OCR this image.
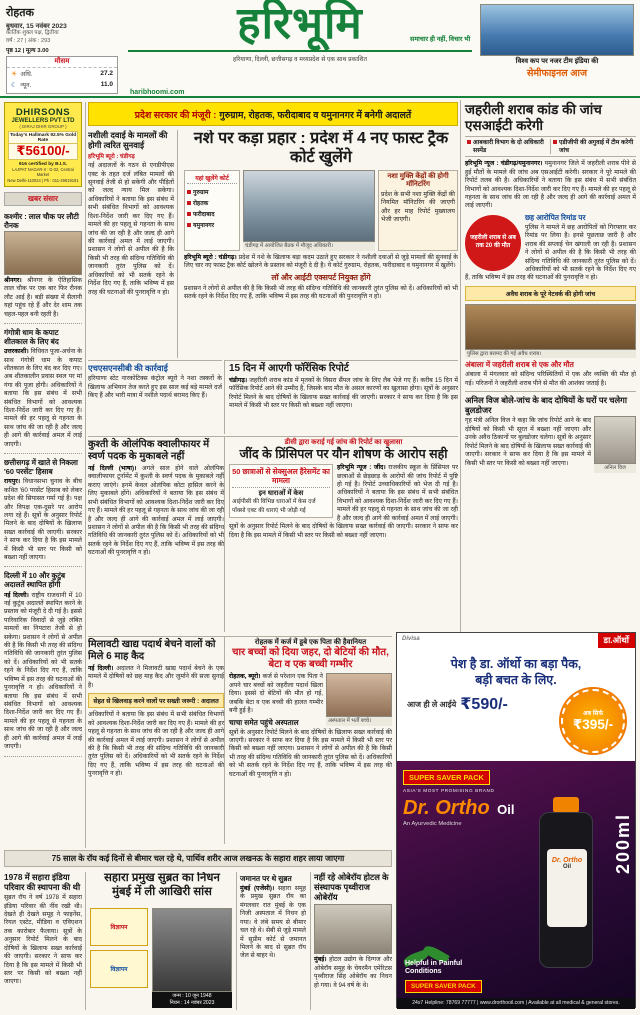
रोहतक
बुधवार, 15 नवंबर 2023
कार्तिक शुक्ल पक्ष, द्वितीया
वर्ष : 27 | अंक : 293
पृष्ठ 12 | मूल्य 3.00
मौसम
☀ अधि.	27.2
☾ न्यून.	11.0
हरिभूमि	समाचार ही नहीं, विचार भी
हरियाणा, दिल्ली, छत्तीसगढ़ व मध्यप्रदेश से एक साथ प्रकाशित
haribhoomi.com
विश्व कप पर नजर टीम इंडिया की
सेमीफाइनल आज
प्रदेश सरकार की मंजूरी : गुरुग्राम, रोहतक, फरीदाबाद व यमुनानगर में बनेगी अदालतें
DHIRSONS
JEWELLERS PVT LTD
( DIRAJ DHIR GROUP )
Today's Hallmark 92.5% Gold Rate
₹56100/-
916 certified by B.I.S.
LAJPAT NAGAR-II : D-32, Central Market
New Delhi-110024 | Ph : 011-29819191
खबर संसार
कश्मीर : लाल चौक पर लौटी रौनक

श्रीनगर। श्रीनगर के ऐतिहासिक लाल चौक पर एक बार फिर रौनक लौट आई है। बड़ी संख्या में सैलानी यहां पहुंच रहे हैं और देर शाम तक चहल-पहल बनी रहती है।

गंगोत्री धाम के कपाट शीतकाल के लिए बंद

उत्तरकाशी। विधिवत पूजा-अर्चना के साथ गंगोत्री धाम के कपाट शीतकाल के लिए बंद कर दिए गए। अब शीतकालीन प्रवास स्थल पर मां गंगा की पूजा होगी। अधिकारियों ने बताया कि इस संबंध में सभी संबंधित विभागों को आवश्यक दिशा-निर्देश जारी कर दिए गए हैं। मामले की हर पहलू से गहनता के साथ जांच की जा रही है और जल्द ही आगे की कार्रवाई अमल में लाई जाएगी।

छत्तीसगढ़ में खाते से निकला '60 परसेंट' हिसाब

रायपुर। विधानसभा चुनाव के बीच कथित '60 परसेंट' हिसाब को लेकर प्रदेश की सियासत गर्मा गई है। पक्ष और विपक्ष एक-दूसरे पर आरोप लगा रहे हैं। सूत्रों के अनुसार रिपोर्ट मिलने के बाद दोषियों के खिलाफ सख्त कार्रवाई की जाएगी। सरकार ने साफ कर दिया है कि इस मामले में किसी भी स्तर पर किसी को बख्शा नहीं जाएगा।

दिल्ली में 10 और कुटुंब अदालतें स्थापित होंगी

नई दिल्ली। राष्ट्रीय राजधानी में 10 नई कुटुंब अदालतें स्थापित करने के प्रस्ताव को मंजूरी दे दी गई है। इससे पारिवारिक विवादों से जुड़े लंबित मामलों का निपटारा तेजी से हो सकेगा। प्रशासन ने लोगों से अपील की है कि किसी भी तरह की संदिग्ध गतिविधि की जानकारी तुरंत पुलिस को दें। अधिकारियों को भी सतर्क रहने के निर्देश दिए गए हैं, ताकि भविष्य में इस तरह की घटनाओं की पुनरावृत्ति न हो। अधिकारियों ने बताया कि इस संबंध में सभी संबंधित विभागों को आवश्यक दिशा-निर्देश जारी कर दिए गए हैं। मामले की हर पहलू से गहनता के साथ जांच की जा रही है और जल्द ही आगे की कार्रवाई अमल में लाई जाएगी।

जहरीली शराब कांड की जांच एसआईटी करेगी
आबकारी विभाग के दो अधिकारी सस्पेंड
एडीजीपी की अगुवाई में टीम करेगी जांच

हरिभूमि न्यूज : चंडीगढ़/यमुनानगर। यमुनानगर जिले में जहरीली शराब पीने से हुई मौतों के मामले की जांच अब एसआईटी करेगी। सरकार ने पूरे मामले की रिपोर्ट तलब की है। अधिकारियों ने बताया कि इस संबंध में सभी संबंधित विभागों को आवश्यक दिशा-निर्देश जारी कर दिए गए हैं। मामले की हर पहलू से गहनता के साथ जांच की जा रही है और जल्द ही आगे की कार्रवाई अमल में लाई जाएगी।

जहरीली शराब से अब तक 20 की मौत
छह आरोपित रिमांड पर

पुलिस ने मामले में छह आरोपितों को गिरफ्तार कर रिमांड पर लिया है। इनसे पूछताछ जारी है और शराब की सप्लाई चेन खंगाली जा रही है। प्रशासन ने लोगों से अपील की है कि किसी भी तरह की संदिग्ध गतिविधि की जानकारी तुरंत पुलिस को दें। अधिकारियों को भी सतर्क रहने के निर्देश दिए गए हैं, ताकि भविष्य में इस तरह की घटनाओं की पुनरावृत्ति न हो।

अवैध शराब के पूरे नेटवर्क की होगी जांच
पुलिस द्वारा बरामद की गई अवैध शराब।
अंबाला में जहरीली शराब से एक और मौत

अंबाला में मंगलवार को संदिग्ध परिस्थितियों में एक और व्यक्ति की मौत हो गई। परिजनों ने जहरीली शराब पीने से मौत की आशंका जताई है।

अनिल विज बोले-जांच के बाद दोषियों के घरों पर चलेगा बुलडोजर
अनिल विज

गृह मंत्री अनिल विज ने कहा कि जांच रिपोर्ट आने के बाद दोषियों को किसी भी सूरत में बख्शा नहीं जाएगा और उनके अवैध ठिकानों पर बुलडोजर चलेगा। सूत्रों के अनुसार रिपोर्ट मिलने के बाद दोषियों के खिलाफ सख्त कार्रवाई की जाएगी। सरकार ने साफ कर दिया है कि इस मामले में किसी भी स्तर पर किसी को बख्शा नहीं जाएगा।

नशीली दवाई के मामलों की होगी त्वरित सुनवाई
हरिभूमि ब्यूरो : चंडीगढ़

नई अदालतों के गठन से एनडीपीएस एक्ट के तहत दर्ज लंबित मामलों की सुनवाई तेजी से हो सकेगी और पीड़ितों को जल्द न्याय मिल सकेगा। अधिकारियों ने बताया कि इस संबंध में सभी संबंधित विभागों को आवश्यक दिशा-निर्देश जारी कर दिए गए हैं। मामले की हर पहलू से गहनता के साथ जांच की जा रही है और जल्द ही आगे की कार्रवाई अमल में लाई जाएगी। प्रशासन ने लोगों से अपील की है कि किसी भी तरह की संदिग्ध गतिविधि की जानकारी तुरंत पुलिस को दें। अधिकारियों को भी सतर्क रहने के निर्देश दिए गए हैं, ताकि भविष्य में इस तरह की घटनाओं की पुनरावृत्ति न हो।

नशे पर कड़ा प्रहार : प्रदेश में 4 नए फास्ट ट्रैक कोर्ट खुलेंगे
यहां खुलेंगे कोर्ट
गुरुग्राम
रोहतक
फरीदाबाद
यमुनानगर
चंडीगढ़ में आयोजित बैठक में मौजूद अधिकारी।
नशा मुक्ति केंद्रों की होगी मॉनिटरिंग

प्रदेश के सभी नशा मुक्ति केंद्रों की नियमित मॉनिटरिंग की जाएगी और हर माह रिपोर्ट मुख्यालय भेजी जाएगी।

हरिभूमि ब्यूरो : चंडीगढ़। प्रदेश में नशे के खिलाफ बड़ा कदम उठाते हुए सरकार ने नशीली दवाओं से जुड़े मामलों की सुनवाई के लिए चार नए फास्ट ट्रैक कोर्ट खोलने के प्रस्ताव को मंजूरी दे दी है। ये कोर्ट गुरुग्राम, रोहतक, फरीदाबाद व यमुनानगर में खुलेंगे।

लॉ और आईटी एक्सपर्ट नियुक्त होंगे

प्रशासन ने लोगों से अपील की है कि किसी भी तरह की संदिग्ध गतिविधि की जानकारी तुरंत पुलिस को दें। अधिकारियों को भी सतर्क रहने के निर्देश दिए गए हैं, ताकि भविष्य में इस तरह की घटनाओं की पुनरावृत्ति न हो।

एचएसएनसीबी की कार्रवाई

हरियाणा स्टेट नारकोटिक्स कंट्रोल ब्यूरो ने नशा तस्करों के खिलाफ अभियान तेज करते हुए इस साल कई बड़े मामले दर्ज किए हैं और भारी मात्रा में नशीले पदार्थ बरामद किए हैं।

15 दिन में आएगी फॉरेंसिक रिपोर्ट

चंडीगढ़। जहरीली शराब कांड में मृतकों के विसरा सैंपल जांच के लिए लैब भेजे गए हैं। करीब 15 दिन में फॉरेंसिक रिपोर्ट आने की उम्मीद है, जिसके बाद मौत के असल कारणों का खुलासा होगा। सूत्रों के अनुसार रिपोर्ट मिलने के बाद दोषियों के खिलाफ सख्त कार्रवाई की जाएगी। सरकार ने साफ कर दिया है कि इस मामले में किसी भी स्तर पर किसी को बख्शा नहीं जाएगा।

कुश्ती के ओलंपिक क्वालीफायर में स्वर्ण पदक के मुकाबले नहीं

नई दिल्ली (भाषा)। अगले साल होने वाले ओलंपिक क्वालीफायर टूर्नामेंट में कुश्ती के स्वर्ण पदक के मुकाबले नहीं कराए जाएंगे। इनमें केवल ओलंपिक कोटा हासिल करने के लिए मुकाबले होंगे। अधिकारियों ने बताया कि इस संबंध में सभी संबंधित विभागों को आवश्यक दिशा-निर्देश जारी कर दिए गए हैं। मामले की हर पहलू से गहनता के साथ जांच की जा रही है और जल्द ही आगे की कार्रवाई अमल में लाई जाएगी। प्रशासन ने लोगों से अपील की है कि किसी भी तरह की संदिग्ध गतिविधि की जानकारी तुरंत पुलिस को दें। अधिकारियों को भी सतर्क रहने के निर्देश दिए गए हैं, ताकि भविष्य में इस तरह की घटनाओं की पुनरावृत्ति न हो।

डीसी द्वारा कराई गई जांच की रिपोर्ट का खुलासा
जींद के प्रिंसिपल पर यौन शोषण के आरोप सही
50 छात्राओं से सेक्सुअल हैरेसमेंट का मामला
इन धाराओं में केस
आईपीसी की विभिन्न धाराओं में केस दर्ज
पॉक्सो एक्ट की धाराएं भी जोड़ी गईं

हरिभूमि न्यूज : जींद। राजकीय स्कूल के प्रिंसिपल पर छात्राओं से छेड़छाड़ के आरोपों की जांच रिपोर्ट में पुष्टि हो गई है। रिपोर्ट उच्चाधिकारियों को भेज दी गई है। अधिकारियों ने बताया कि इस संबंध में सभी संबंधित विभागों को आवश्यक दिशा-निर्देश जारी कर दिए गए हैं। मामले की हर पहलू से गहनता के साथ जांच की जा रही है और जल्द ही आगे की कार्रवाई अमल में लाई जाएगी। सूत्रों के अनुसार रिपोर्ट मिलने के बाद दोषियों के खिलाफ सख्त कार्रवाई की जाएगी। सरकार ने साफ कर दिया है कि इस मामले में किसी भी स्तर पर किसी को बख्शा नहीं जाएगा।

मिलावटी खाद्य पदार्थ बेचने वालों को मिले 6 माह कैद

नई दिल्ली। अदालत ने मिलावटी खाद्य पदार्थ बेचने के एक मामले में दोषियों को छह माह कैद और जुर्माने की सजा सुनाई है।

सेहत से खिलवाड़ करने वालों पर सख्ती जरूरी : अदालत

अधिकारियों ने बताया कि इस संबंध में सभी संबंधित विभागों को आवश्यक दिशा-निर्देश जारी कर दिए गए हैं। मामले की हर पहलू से गहनता के साथ जांच की जा रही है और जल्द ही आगे की कार्रवाई अमल में लाई जाएगी। प्रशासन ने लोगों से अपील की है कि किसी भी तरह की संदिग्ध गतिविधि की जानकारी तुरंत पुलिस को दें। अधिकारियों को भी सतर्क रहने के निर्देश दिए गए हैं, ताकि भविष्य में इस तरह की घटनाओं की पुनरावृत्ति न हो।

रोहतक में कर्ज में डूबे एक पिता की हैवानियत
चार बच्चों को दिया जहर, दो बेटियों की मौत, बेटा व एक बच्ची गम्भीर
अस्पताल में भर्ती बच्चे।

रोहतक, ब्यूरो। कर्ज से परेशान एक पिता ने अपने चार बच्चों को जहरीला पदार्थ खिला दिया। इससे दो बेटियों की मौत हो गई, जबकि बेटा व एक बच्ची की हालत गम्भीर बनी हुई है।

चाचा समेत पहुंचे अस्पताल

सूत्रों के अनुसार रिपोर्ट मिलने के बाद दोषियों के खिलाफ सख्त कार्रवाई की जाएगी। सरकार ने साफ कर दिया है कि इस मामले में किसी भी स्तर पर किसी को बख्शा नहीं जाएगा। प्रशासन ने लोगों से अपील की है कि किसी भी तरह की संदिग्ध गतिविधि की जानकारी तुरंत पुलिस को दें। अधिकारियों को भी सतर्क रहने के निर्देश दिए गए हैं, ताकि भविष्य में इस तरह की घटनाओं की पुनरावृत्ति न हो।

Divisa	डा.ऑर्थो
पेश है डा. ऑर्थो का बड़ा पैक,
बड़ी बचत के लिए.
आज ही ले आईये ₹590/-
अब सिर्फ
₹395/-
SUPER SAVER PACK
ASIA'S MOST PROMISING BRAND
Dr. Ortho Oil
An Ayurvedic Medicine
Dr. Ortho
Oil	200ml
Helpful in Painful Conditions
SUPER SAVER PACK
24x7 Helpline: 78769 77777 | www.drorthooil.com | Available at all medical & general stores.
75 साल के रॉय कई दिनों से बीमार चल रहे थे, पार्थिव शरीर आज लखनऊ के सहारा शहर लाया जाएगा
1978 में सहारा इंडिया परिवार की स्थापना की थी

सुब्रत रॉय ने वर्ष 1978 में सहारा इंडिया परिवार की नींव रखी थी। देखते ही देखते समूह ने फाइनेंस, रियल एस्टेट, मीडिया व एविएशन तक कारोबार फैलाया। सूत्रों के अनुसार रिपोर्ट मिलने के बाद दोषियों के खिलाफ सख्त कार्रवाई की जाएगी। सरकार ने साफ कर दिया है कि इस मामले में किसी भी स्तर पर किसी को बख्शा नहीं जाएगा।

सहारा प्रमुख सुब्रत का निधन
मुंबई में ली आखिरी सांस
विज्ञापन
विज्ञापन
जन्म : 10 जून 1948
निधन : 14 नवंबर 2023
जमानत पर थे सुब्रत

मुंबई (एजेंसी)। सहारा समूह के प्रमुख सुब्रत रॉय का मंगलवार रात मुंबई के एक निजी अस्पताल में निधन हो गया। वे लंबे समय से बीमार चल रहे थे। सेबी से जुड़े मामले में सुप्रीम कोर्ट से जमानत मिलने के बाद से सुब्रत रॉय जेल से बाहर थे।

नहीं रहे ओबेरॉय होटल के संस्थापक पृथ्वीराज ओबेरॉय

मुंबई। होटल उद्योग के दिग्गज और ओबेरॉय समूह के चेयरमैन एमेरिटस पृथ्वीराज सिंह ओबेरॉय का निधन हो गया। वे 94 वर्ष के थे।
